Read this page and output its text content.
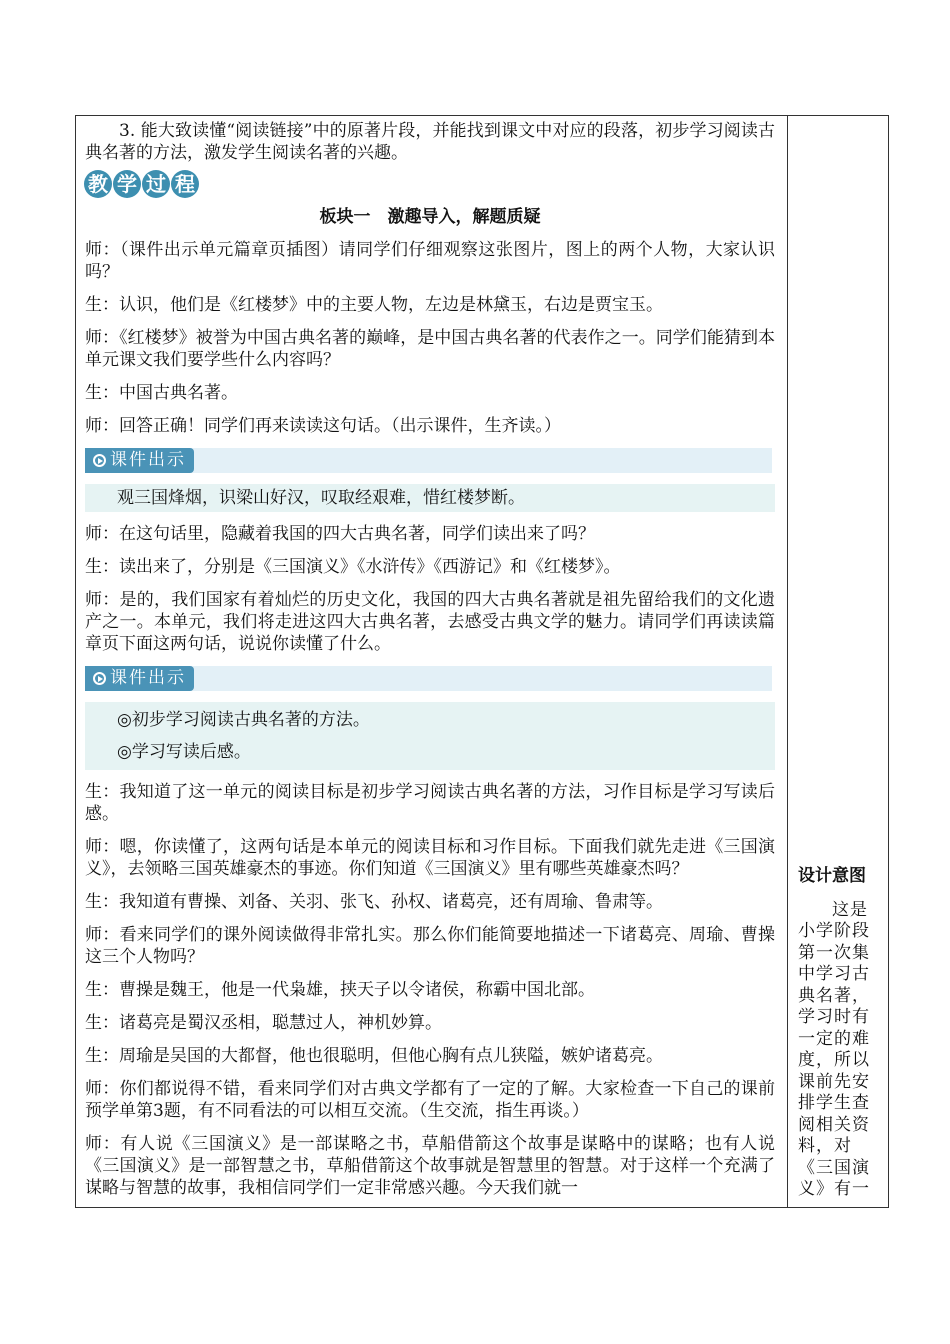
3. 能大致读懂“阅读链接”中的原著片段，并能找到课文中对应的段落，初步学习阅读古典名著的方法，激发学生阅读名著的兴趣。

教 学 过 程

板块一　激趣导入，解题质疑

师：（课件出示单元篇章页插图）请同学们仔细观察这张图片，图上的两个人物，大家认识吗？

生：认识，他们是《红楼梦》中的主要人物，左边是林黛玉，右边是贾宝玉。

师：《红楼梦》被誉为中国古典名著的巅峰，是中国古典名著的代表作之一。同学们能猜到本单元课文我们要学些什么内容吗？

生：中国古典名著。

师：回答正确！同学们再来读读这句话。（出示课件，生齐读。）

课件出示
观三国烽烟，识梁山好汉，叹取经艰难，惜红楼梦断。

师：在这句话里，隐藏着我国的四大古典名著，同学们读出来了吗？

生：读出来了，分别是《三国演义》《水浒传》《西游记》和《红楼梦》。

师：是的，我们国家有着灿烂的历史文化，我国的四大古典名著就是祖先留给我们的文化遗产之一。本单元，我们将走进这四大古典名著，去感受古典文学的魅力。请同学们再读读篇章页下面这两句话，说说你读懂了什么。

课件出示
◎初步学习阅读古典名著的方法。
◎学习写读后感。

生：我知道了这一单元的阅读目标是初步学习阅读古典名著的方法，习作目标是学习写读后感。

师：嗯，你读懂了，这两句话是本单元的阅读目标和习作目标。下面我们就先走进《三国演义》，去领略三国英雄豪杰的事迹。你们知道《三国演义》里有哪些英雄豪杰吗？

生：我知道有曹操、刘备、关羽、张飞、孙权、诸葛亮，还有周瑜、鲁肃等。

师：看来同学们的课外阅读做得非常扎实。那么你们能简要地描述一下诸葛亮、周瑜、曹操这三个人物吗？

生：曹操是魏王，他是一代枭雄，挟天子以令诸侯，称霸中国北部。

生：诸葛亮是蜀汉丞相，聪慧过人，神机妙算。

生：周瑜是吴国的大都督，他也很聪明，但他心胸有点儿狭隘，嫉妒诸葛亮。

师：你们都说得不错，看来同学们对古典文学都有了一定的了解。大家检查一下自己的课前预学单第3题，有不同看法的可以相互交流。（生交流，指生再谈。）

师：有人说《三国演义》是一部谋略之书，草船借箭这个故事是谋略中的谋略；也有人说《三国演义》是一部智慧之书，草船借箭这个故事就是智慧里的智慧。对于这样一个充满了谋略与智慧的故事，我相信同学们一定非常感兴趣。今天我们就一

设计意图
这是小学阶段第一次集中学习古典名著，学习时有一定的难度，所以课前先安排学生查阅相关资料，对《三国演义》有一
